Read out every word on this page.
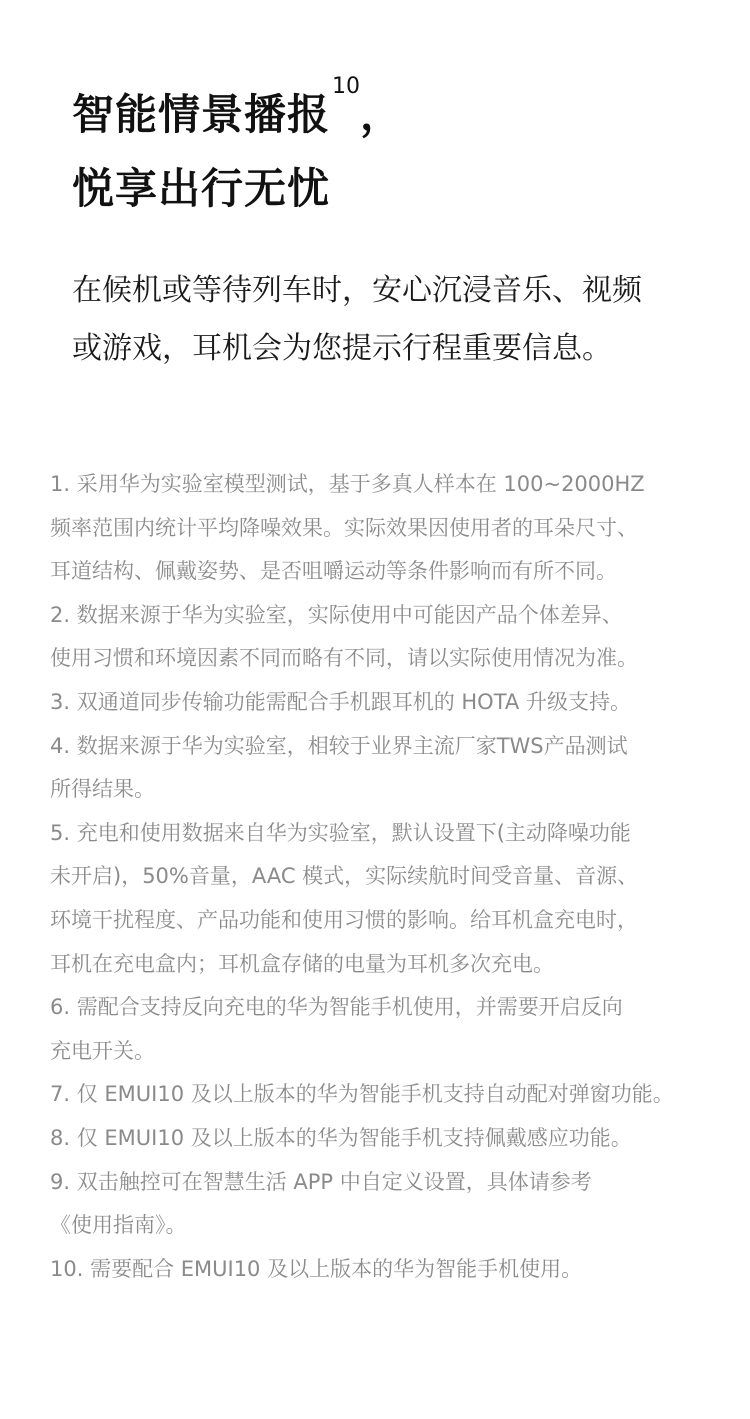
智能情景播报$^{10}$，
悦享出行无忧

在候机或等待列车时，安心沉浸音乐、视频
或游戏，耳机会为您提示行程重要信息。

1. 采用华为实验室模型测试，基于多真人样本在 100~2000HZ
频率范围内统计平均降噪效果。实际效果因使用者的耳朵尺寸、
耳道结构、佩戴姿势、是否咀嚼运动等条件影响而有所不同。
2. 数据来源于华为实验室，实际使用中可能因产品个体差异、
使用习惯和环境因素不同而略有不同，请以实际使用情况为准。
3. 双通道同步传输功能需配合手机跟耳机的 HOTA 升级支持。
4. 数据来源于华为实验室，相较于业界主流厂家TWS产品测试
所得结果。
5. 充电和使用数据来自华为实验室，默认设置下(主动降噪功能
未开启)，50%音量，AAC 模式，实际续航时间受音量、音源、
环境干扰程度、产品功能和使用习惯的影响。给耳机盒充电时，
耳机在充电盒内；耳机盒存储的电量为耳机多次充电。
6. 需配合支持反向充电的华为智能手机使用，并需要开启反向
充电开关。
7. 仅 EMUI10 及以上版本的华为智能手机支持自动配对弹窗功能。
8. 仅 EMUI10 及以上版本的华为智能手机支持佩戴感应功能。
9. 双击触控可在智慧生活 APP 中自定义设置，具体请参考
《使用指南》。
10. 需要配合 EMUI10 及以上版本的华为智能手机使用。
